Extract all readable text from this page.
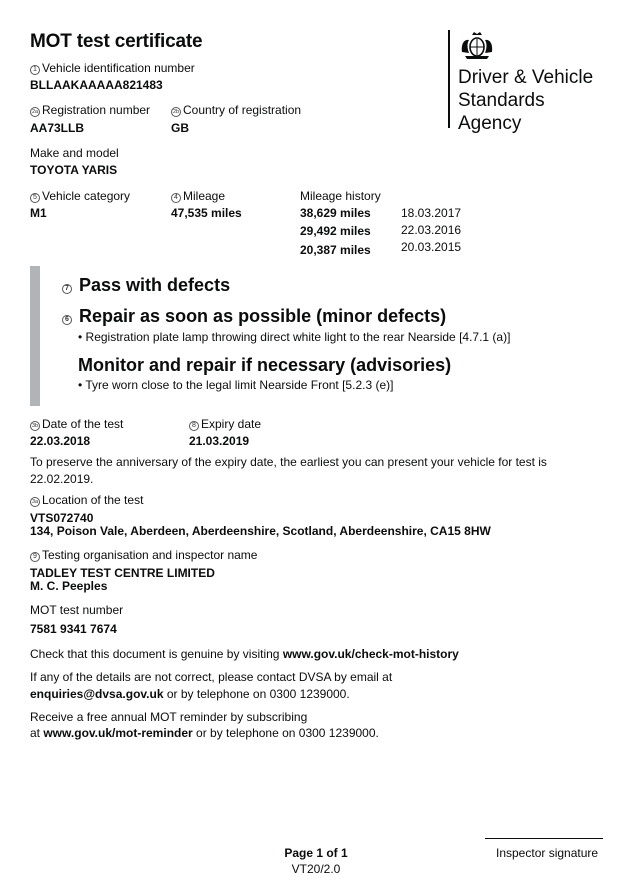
MOT test certificate
Driver & Vehicle
Standards
Agency
1 Vehicle identification number
BLLAAKAAAAA821483
2a Registration number
AA73LLB
2b Country of registration
GB
Make and model
TOYOTA YARIS
5 Vehicle category
M1
4 Mileage
47,535 miles
Mileage history
38,629 miles	18.03.2017
29,492 miles	22.03.2016
20,387 miles	20.03.2015
7 Pass with defects
6 Repair as soon as possible (minor defects)
• Registration plate lamp throwing direct white light to the rear Nearside [4.7.1 (a)]
Monitor and repair if necessary (advisories)
• Tyre worn close to the legal limit Nearside Front [5.2.3 (e)]
3b Date of the test
22.03.2018
8 Expiry date
21.03.2019
To preserve the anniversary of the expiry date, the earliest you can present your vehicle for test is
22.02.2019.
3a Location of the test
VTS072740
134, Poison Vale, Aberdeen, Aberdeenshire, Scotland, Aberdeenshire, CA15 8HW
9 Testing organisation and inspector name
TADLEY TEST CENTRE LIMITED
M. C. Peeples
MOT test number
7581 9341 7674
Check that this document is genuine by visiting www.gov.uk/check-mot-history
If any of the details are not correct, please contact DVSA by email at
enquiries@dvsa.gov.uk or by telephone on 0300 1239000.
Receive a free annual MOT reminder by subscribing
at www.gov.uk/mot-reminder or by telephone on 0300 1239000.
Inspector signature
Page 1 of 1
VT20/2.0
